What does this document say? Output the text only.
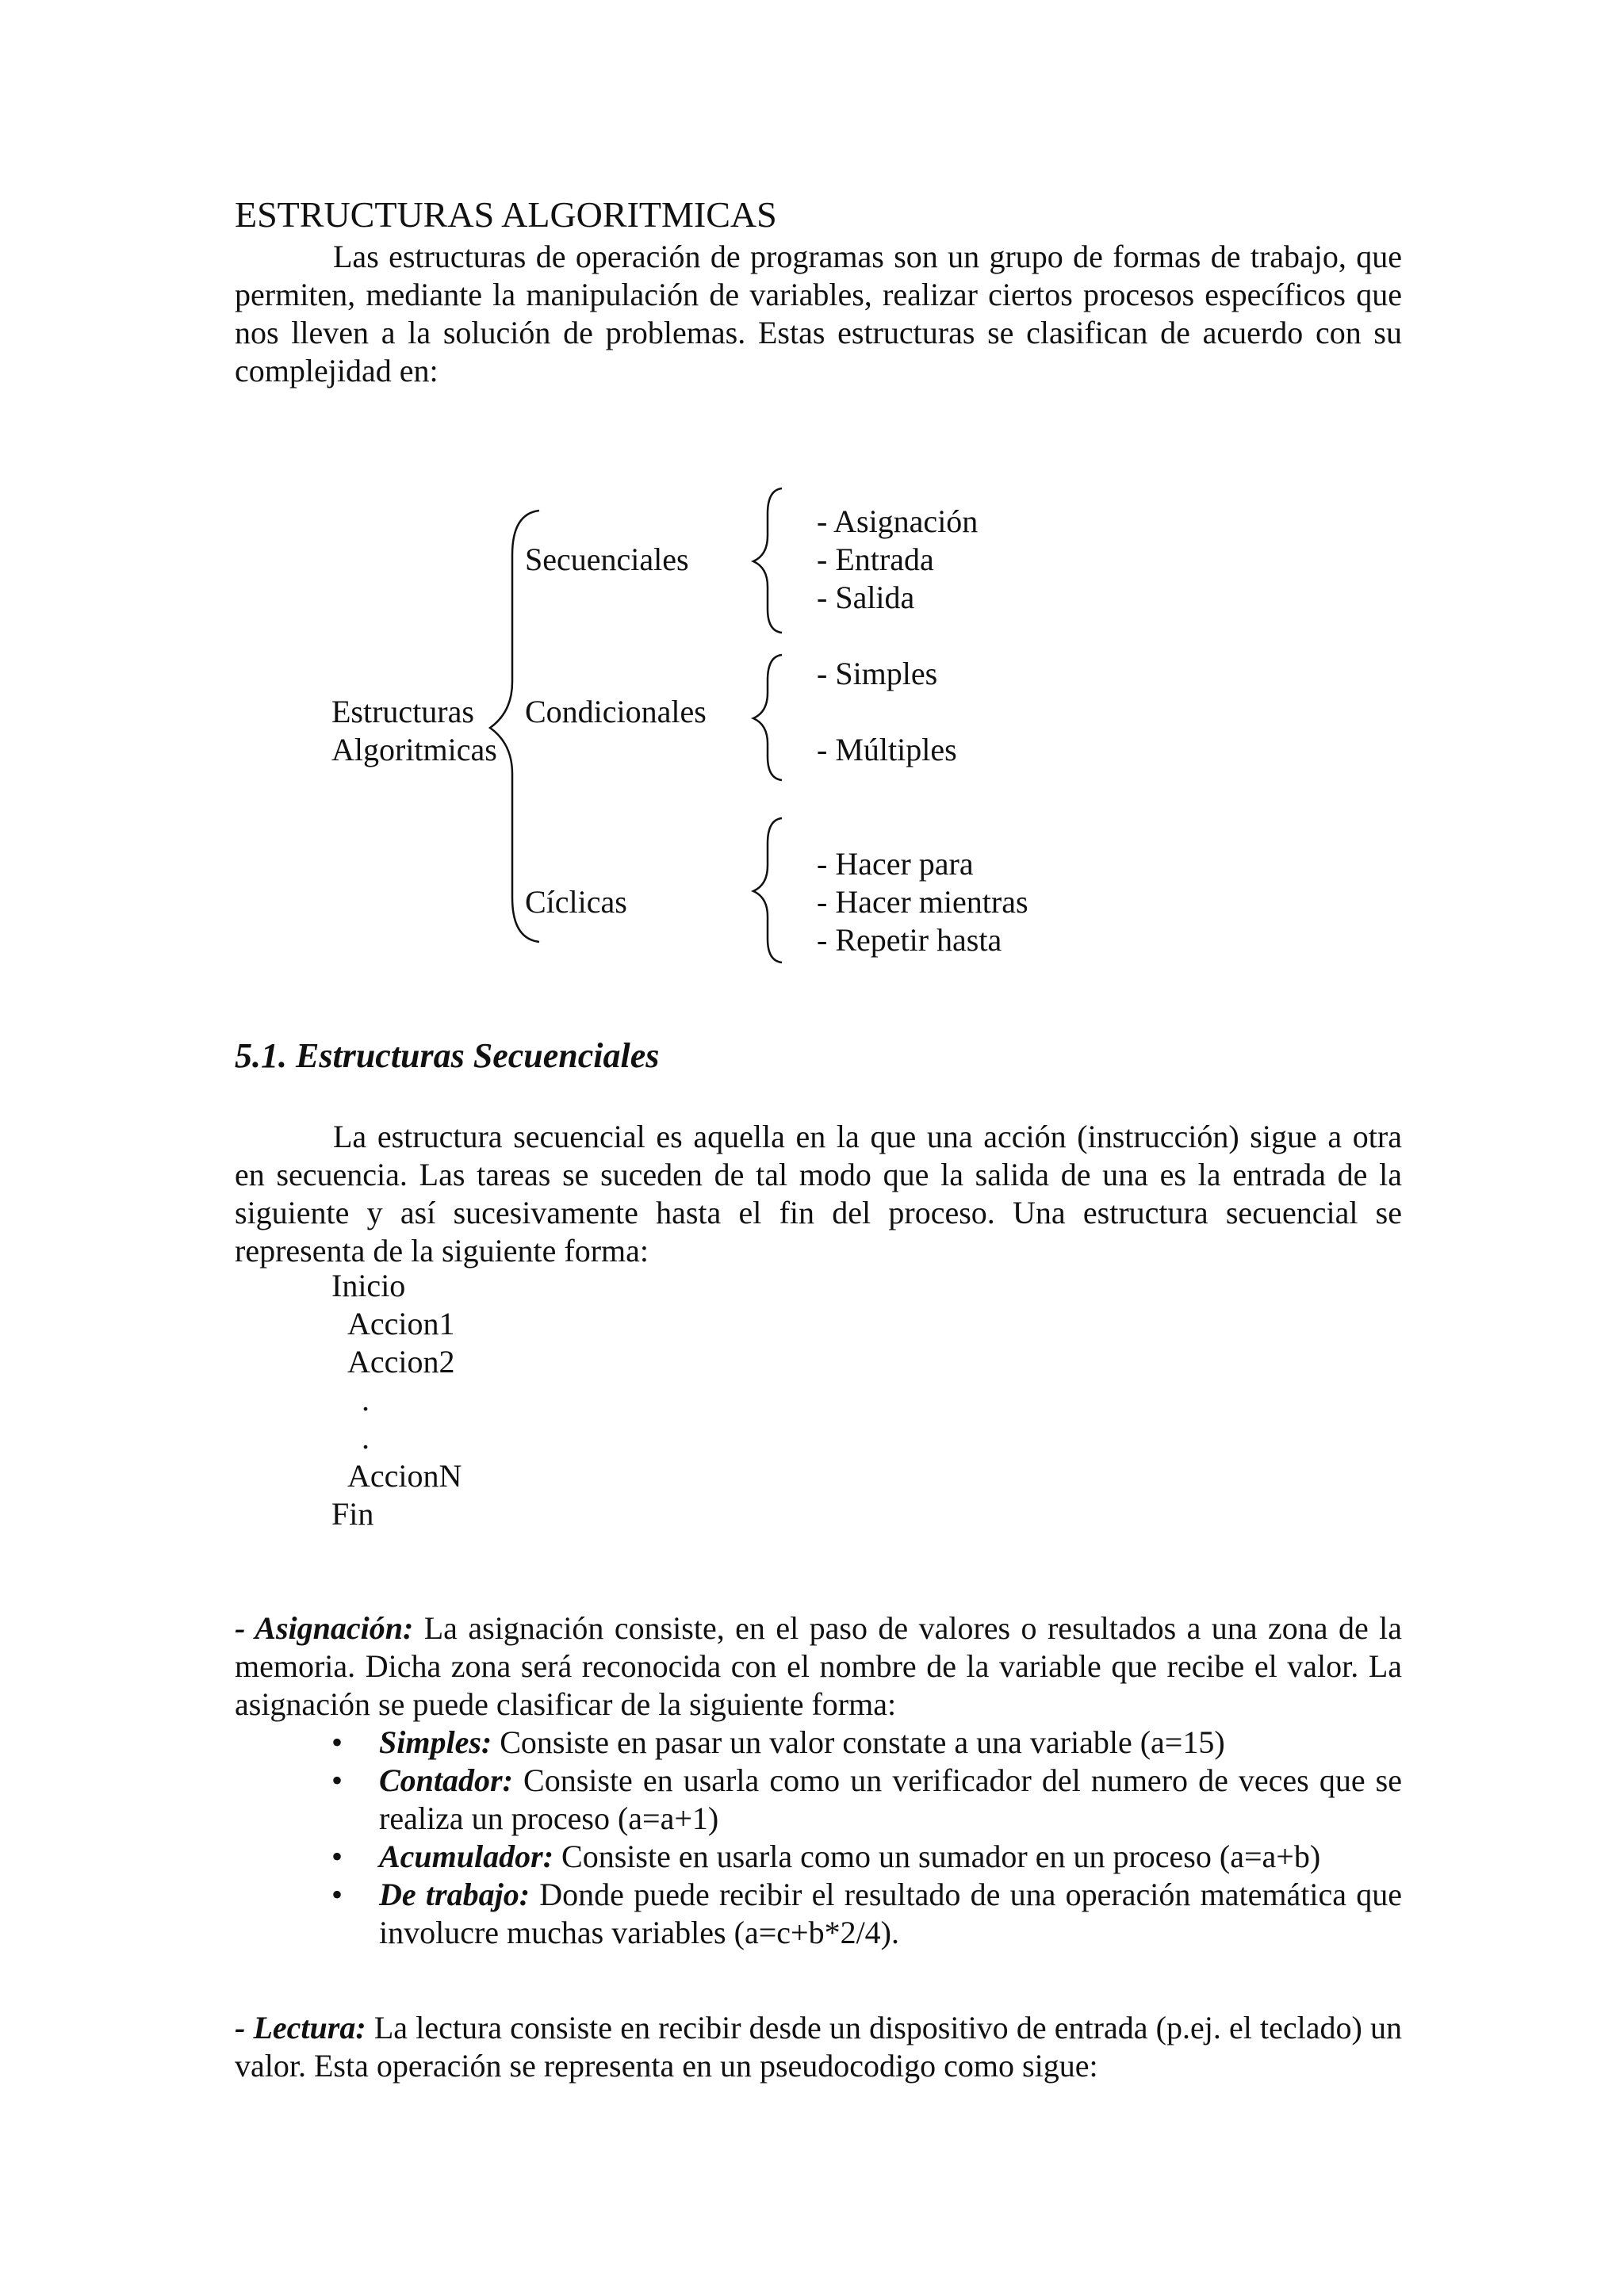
ESTRUCTURAS ALGORITMICAS
Las estructuras de operación de programas son un grupo de formas de trabajo, que permiten, mediante la manipulación de variables, realizar ciertos procesos específicos que nos lleven a la solución de problemas. Estas estructuras se clasifican de acuerdo con su complejidad en:
Estructuras
Algoritmicas
Secuenciales
Condicionales
Cíclicas
- Asignación
- Entrada
- Salida
- Simples
- Múltiples
- Hacer para
- Hacer mientras
- Repetir hasta
5.1. Estructuras Secuenciales
La estructura secuencial es aquella en la que una acción (instrucción) sigue a otra en secuencia. Las tareas se suceden de tal modo que la salida de una es la entrada de la siguiente y así sucesivamente hasta el fin del proceso. Una estructura secuencial se representa de la siguiente forma:
Inicio
Accion1
Accion2
.
.
AccionN
Fin
- Asignación: La asignación consiste, en el paso de valores o resultados a una zona de la memoria. Dicha zona será reconocida con el nombre de la variable que recibe el valor. La asignación se puede clasificar de la siguiente forma:
• Simples: Consiste en pasar un valor constate a una variable (a=15)
• Contador: Consiste en usarla como un verificador del numero de veces que se realiza un proceso (a=a+1)
• Acumulador: Consiste en usarla como un sumador en un proceso (a=a+b)
• De trabajo: Donde puede recibir el resultado de una operación matemática que involucre muchas variables (a=c+b*2/4).
- Lectura: La lectura consiste en recibir desde un dispositivo de entrada (p.ej. el teclado) un valor. Esta operación se representa en un pseudocodigo como sigue:
